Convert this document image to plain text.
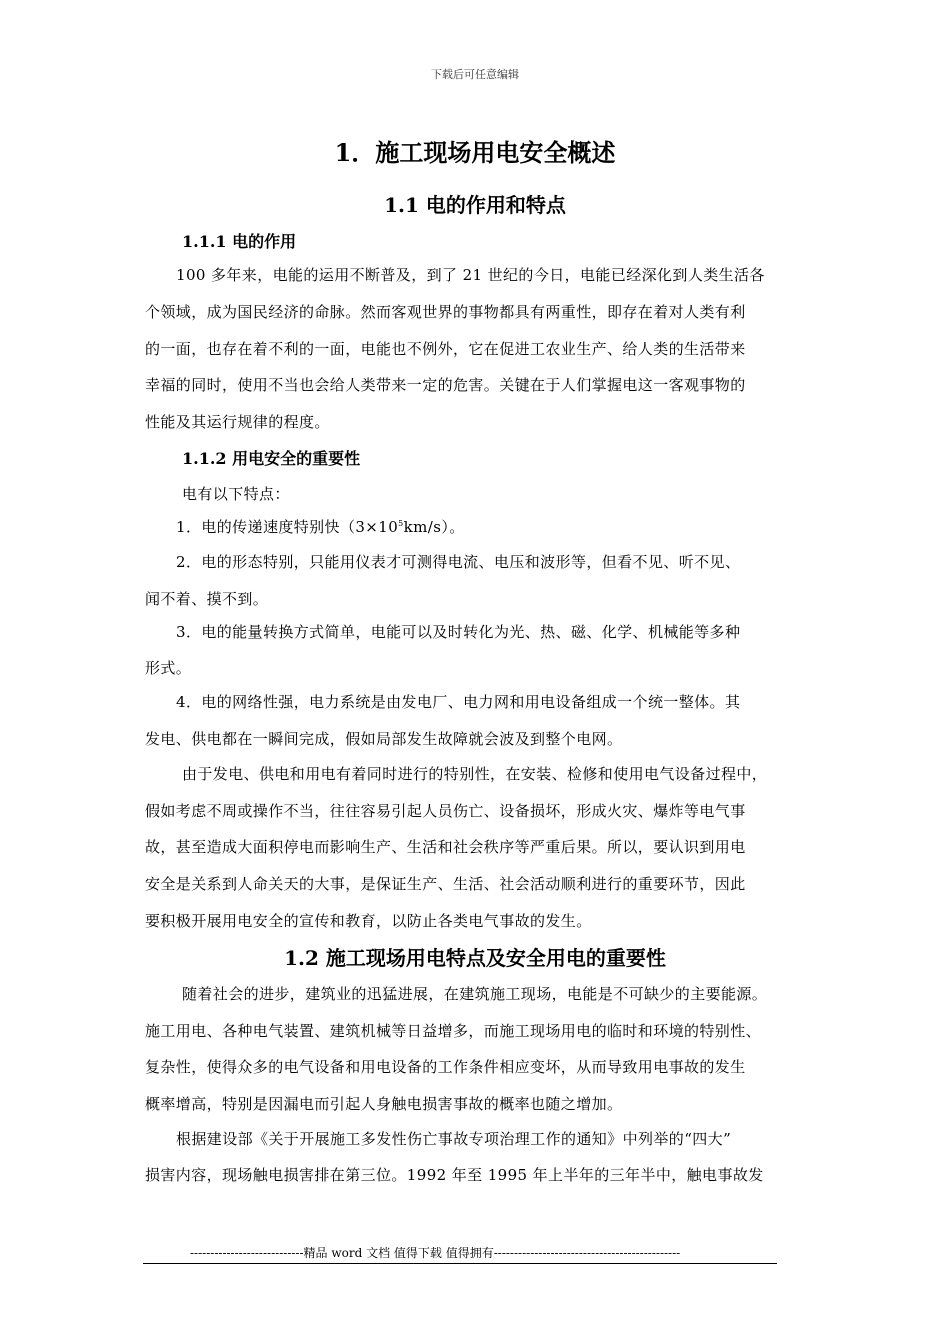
下载后可任意编辑
1．施工现场用电安全概述
1.1 电的作用和特点
1.1.1 电的作用
100 多年来，电能的运用不断普及，到了 21 世纪的今日，电能已经深化到人类生活各
个领域，成为国民经济的命脉。然而客观世界的事物都具有两重性，即存在着对人类有利
的一面，也存在着不利的一面，电能也不例外，它在促进工农业生产、给人类的生活带来
幸福的同时，使用不当也会给人类带来一定的危害。关键在于人们掌握电这一客观事物的
性能及其运行规律的程度。
1.1.2 用电安全的重要性
电有以下特点：
1．电的传递速度特别快$(3\times 10^5km/s)$。
2．电的形态特别，只能用仪表才可测得电流、电压和波形等，但看不见、听不见、
闻不着、摸不到。
3．电的能量转换方式简单，电能可以及时转化为光、热、磁、化学、机械能等多种
形式。
4．电的网络性强，电力系统是由发电厂、电力网和用电设备组成一个统一整体。其
发电、供电都在一瞬间完成，假如局部发生故障就会波及到整个电网。
由于发电、供电和用电有着同时进行的特别性，在安装、检修和使用电气设备过程中，
假如考虑不周或操作不当，往往容易引起人员伤亡、设备损坏，形成火灾、爆炸等电气事
故，甚至造成大面积停电而影响生产、生活和社会秩序等严重后果。所以，要认识到用电
安全是关系到人命关天的大事，是保证生产、生活、社会活动顺利进行的重要环节，因此
要积极开展用电安全的宣传和教育，以防止各类电气事故的发生。
1.2 施工现场用电特点及安全用电的重要性
随着社会的进步，建筑业的迅猛进展，在建筑施工现场，电能是不可缺少的主要能源。
施工用电、各种电气装置、建筑机械等日益增多，而施工现场用电的临时和环境的特别性、
复杂性，使得众多的电气设备和用电设备的工作条件相应变坏，从而导致用电事故的发生
概率增高，特别是因漏电而引起人身触电损害事故的概率也随之增加。
根据建设部《关于开展施工多发性伤亡事故专项治理工作的通知》中列举的“四大”
损害内容，现场触电损害排在第三位。1992 年至 1995 年上半年的三年半中，触电事故发
----------------------------精品 word 文档 值得下载 值得拥有----------------------------------------------
